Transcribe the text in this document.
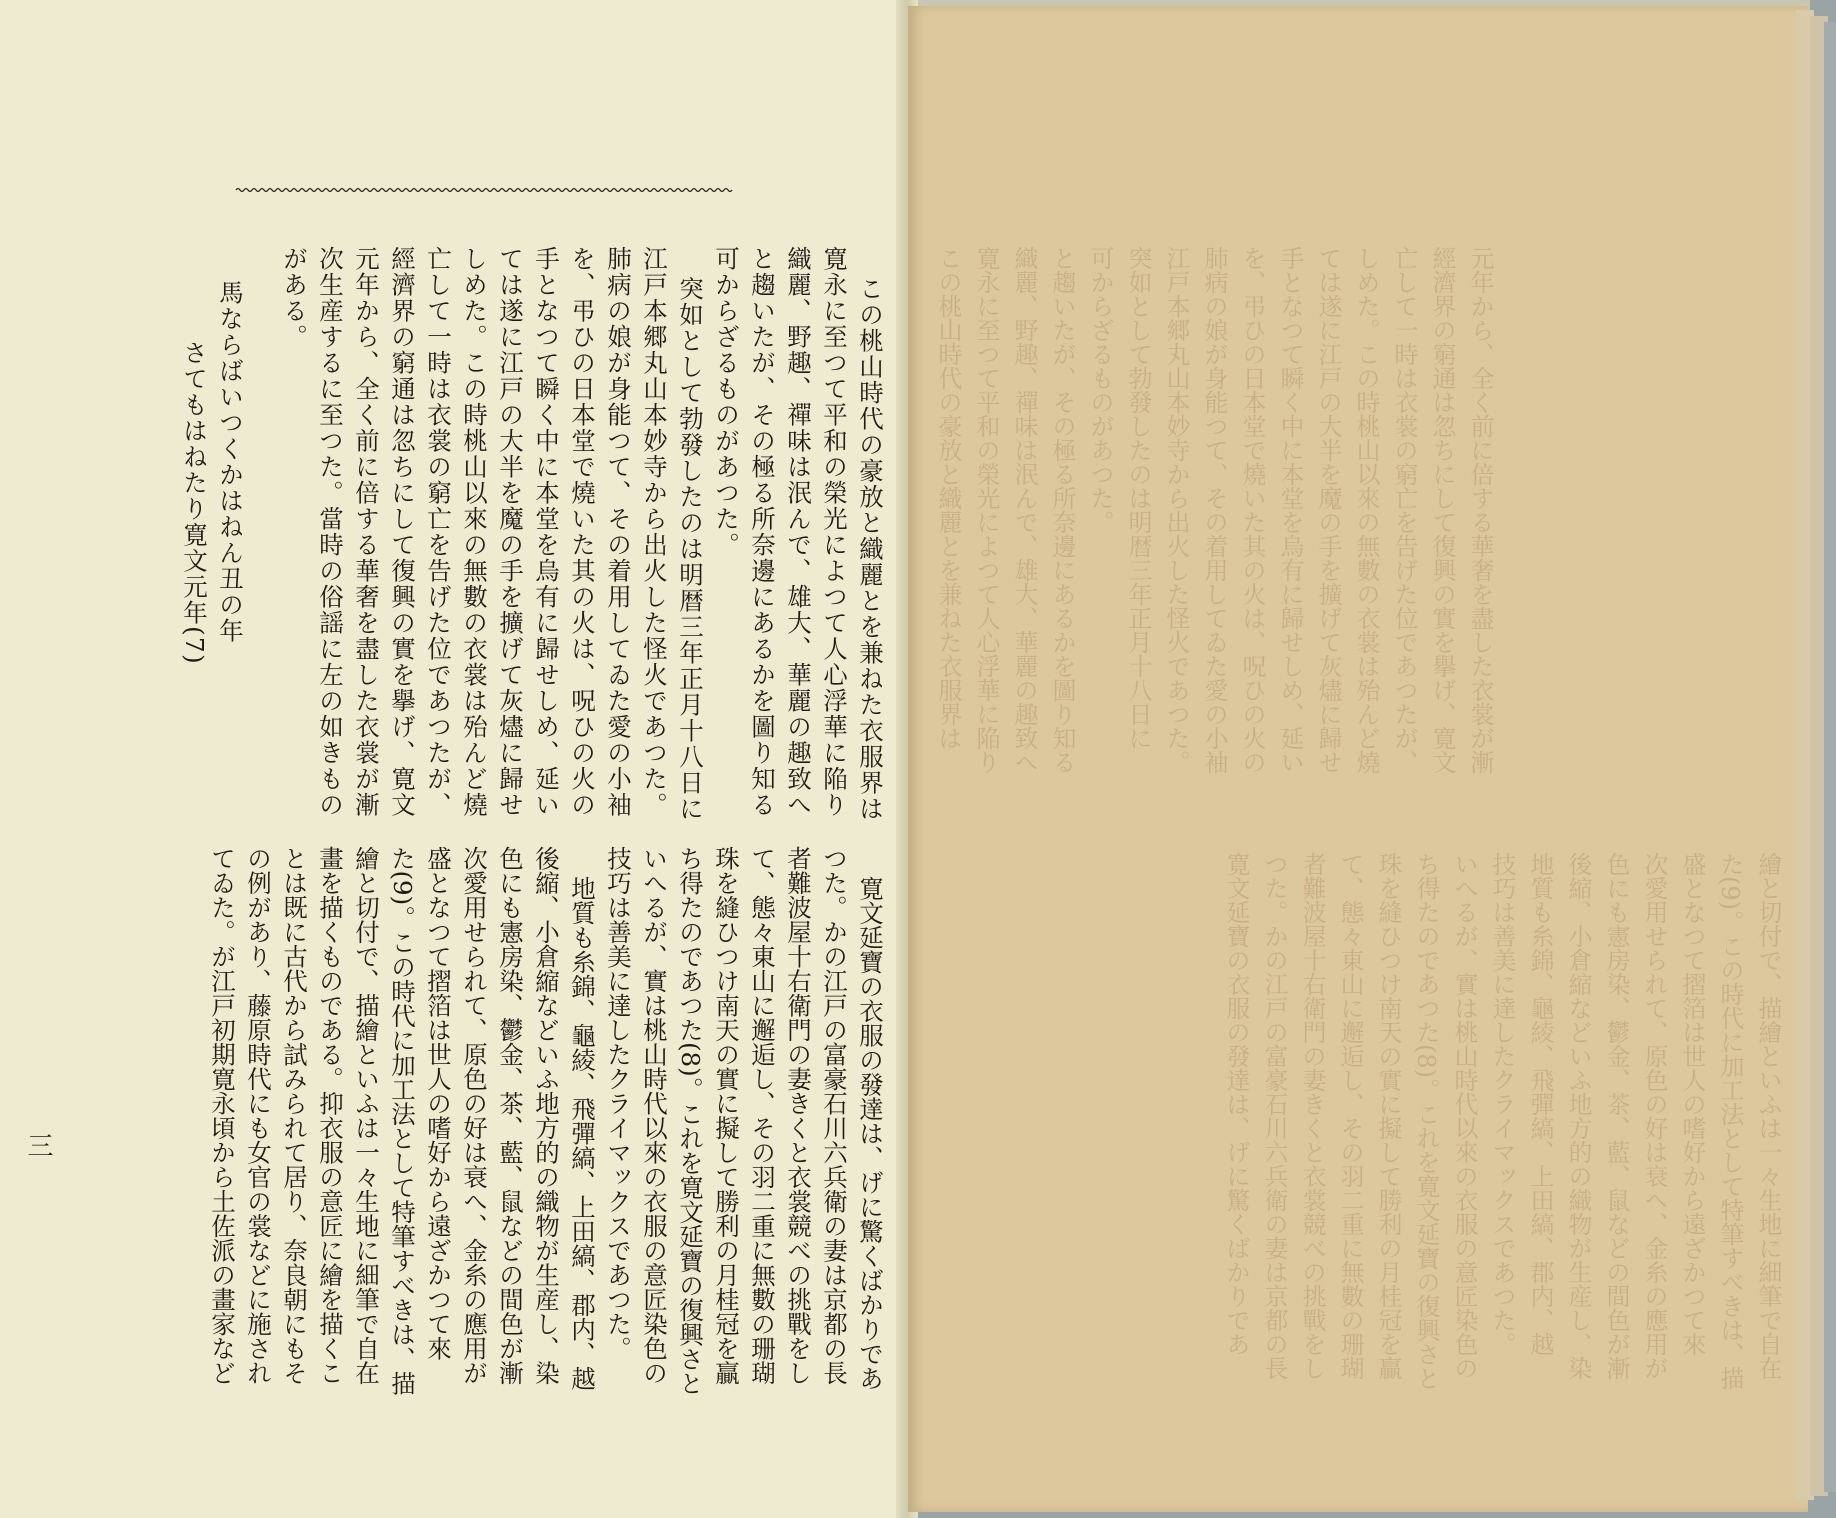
この桃山時代の豪放と織麗とを兼ねた衣服界は
寛永に至つて平和の榮光によつて人心浮華に陥り
織麗、野趣、禪味は泯んで、雄大、華麗の趣致へ
と趨いたが、その極る所奈邊にあるかを圖り知る
可からざるものがあつた。
突如として勃發したのは明暦三年正月十八日に
江戸本郷丸山本妙寺から出火した怪火であつた。
肺病の娘が身能つて、その着用してゐた愛の小袖
を、弔ひの日本堂で燒いた其の火は、呪ひの火の
手となつて瞬く中に本堂を烏有に歸せしめ、延い
ては遂に江戸の大半を魔の手を擴げて灰燼に歸せ
しめた。この時桃山以來の無數の衣裳は殆んど燒
亡して一時は衣裳の窮亡を告げた位であつたが、
經濟界の窮通は忽ちにして復興の實を擧げ、寛文
元年から、全く前に倍する華奢を盡した衣裳が漸
次生産するに至つた。當時の俗謡に左の如きもの
がある。
馬ならばいつくかはねん丑の年
さてもはねたり寛文元年(7)
寛文延寶の衣服の發達は、げに驚くばかりであ
つた。かの江戸の富豪石川六兵衛の妻は京都の長
者難波屋十右衛門の妻きくと衣裳競べの挑戰をし
て、態々東山に邂逅し、その羽二重に無數の珊瑚
珠を縫ひつけ南天の實に擬して勝利の月桂冠を贏
ち得たのであつた(8)。これを寛文延寶の復興さと
いへるが、實は桃山時代以來の衣服の意匠染色の
技巧は善美に達したクライマックスであつた。
地質も糸錦、龜綾、飛彈縞、上田縞、郡内、越
後縮、小倉縮などいふ地方的の織物が生産し、染
色にも憲房染、鬱金、茶、藍、鼠などの間色が漸
次愛用せられて、原色の好は衰へ、金糸の應用が
盛となつて摺箔は世人の嗜好から遠ざかつて來
た(9)。この時代に加工法として特筆すべきは、描
繪と切付で、描繪といふは一々生地に細筆で自在
畫を描くものである。抑衣服の意匠に繪を描くこ
とは既に古代から試みられて居り、奈良朝にもそ
の例があり、藤原時代にも女官の裳などに施され
てゐた。が江戸初期寛永頃から土佐派の畫家など
三
この桃山時代の豪放と織麗とを兼ねた衣服界は 寛永に至つて平和の榮光によつて人心浮華に陥り 織麗、野趣、禪味は泯んで、雄大、華麗の趣致へ と趨いたが、その極る所奈邊にあるかを圖り知る 可からざるものがあつた。 突如として勃發したのは明暦三年正月十八日に 江戸本郷丸山本妙寺から出火した怪火であつた。 肺病の娘が身能つて、その着用してゐた愛の小袖 を、弔ひの日本堂で燒いた其の火は、呪ひの火の 手となつて瞬く中に本堂を烏有に歸せしめ、延い ては遂に江戸の大半を魔の手を擴げて灰燼に歸せ しめた。この時桃山以來の無數の衣裳は殆んど燒 亡して一時は衣裳の窮亡を告げた位であつたが、 經濟界の窮通は忽ちにして復興の實を擧げ、寛文 元年から、全く前に倍する華奢を盡した衣裳が漸
寛文延寶の衣服の發達は、げに驚くばかりであ つた。かの江戸の富豪石川六兵衛の妻は京都の長 者難波屋十右衛門の妻きくと衣裳競べの挑戰をし て、態々東山に邂逅し、その羽二重に無數の珊瑚 珠を縫ひつけ南天の實に擬して勝利の月桂冠を贏 ち得たのであつた(8)。これを寛文延寶の復興さと いへるが、實は桃山時代以來の衣服の意匠染色の 技巧は善美に達したクライマックスであつた。 地質も糸錦、龜綾、飛彈縞、上田縞、郡内、越 後縮、小倉縮などいふ地方的の織物が生産し、染 色にも憲房染、鬱金、茶、藍、鼠などの間色が漸 次愛用せられて、原色の好は衰へ、金糸の應用が 盛となつて摺箔は世人の嗜好から遠ざかつて來 た(9)。この時代に加工法として特筆すべきは、描 繪と切付で、描繪といふは一々生地に細筆で自在
